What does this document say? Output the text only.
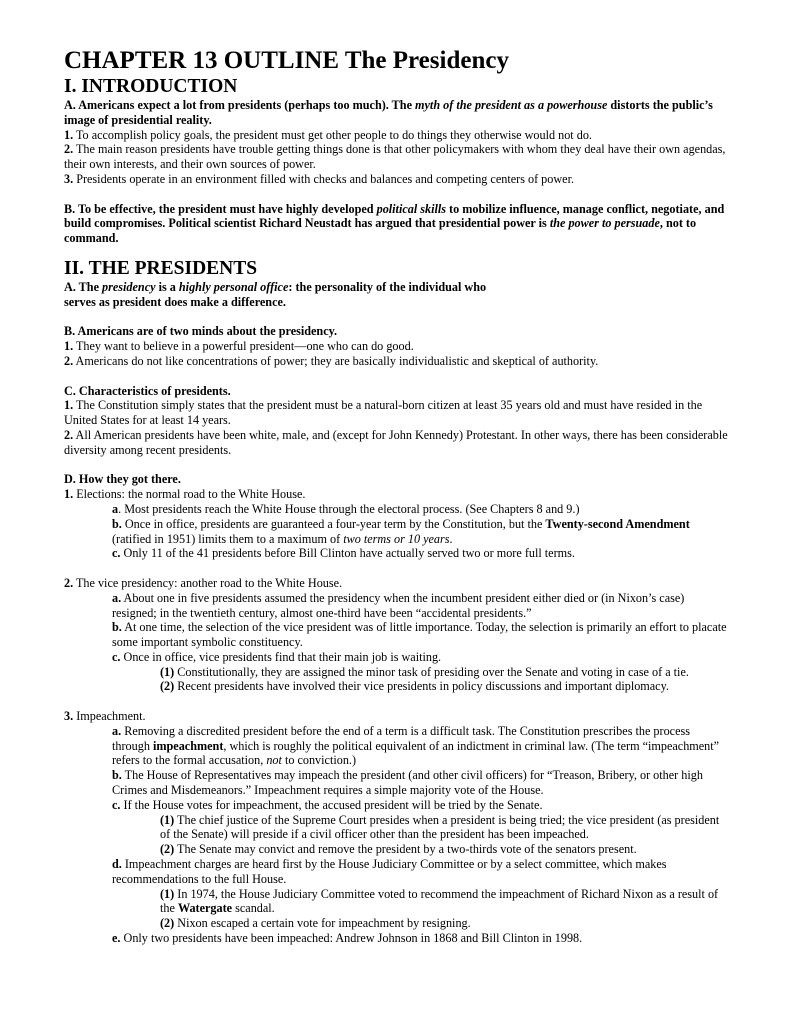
CHAPTER 13 OUTLINE The Presidency
I. INTRODUCTION

A. Americans expect a lot from presidents (perhaps too much). The myth of the president as a powerhouse distorts the public’s image of presidential reality.

1. To accomplish policy goals, the president must get other people to do things they otherwise would not do.

2. The main reason presidents have trouble getting things done is that other policymakers with whom they deal have their own agendas, their own interests, and their own sources of power.

3. Presidents operate in an environment filled with checks and balances and competing centers of power.

B. To be effective, the president must have highly developed political skills to mobilize influence, manage conflict, negotiate, and build compromises. Political scientist Richard Neustadt has argued that presidential power is the power to persuade, not to command.

II. THE PRESIDENTS

A. The presidency is a highly personal office: the personality of the individual who
serves as president does make a difference.

B. Americans are of two minds about the presidency.

1. They want to believe in a powerful president—one who can do good.

2. Americans do not like concentrations of power; they are basically individualistic and skeptical of authority.

C. Characteristics of presidents.

1. The Constitution simply states that the president must be a natural-born citizen at least 35 years old and must have resided in the United States for at least 14 years.

2. All American presidents have been white, male, and (except for John Kennedy) Protestant. In other ways, there has been considerable diversity among recent presidents.

D. How they got there.

1. Elections: the normal road to the White House.

a. Most presidents reach the White House through the electoral process. (See Chapters 8 and 9.)

b. Once in office, presidents are guaranteed a four-year term by the Constitution, but the Twenty-second Amendment (ratified in 1951) limits them to a maximum of two terms or 10 years.

c. Only 11 of the 41 presidents before Bill Clinton have actually served two or more full terms.

2. The vice presidency: another road to the White House.

a. About one in five presidents assumed the presidency when the incumbent president either died or (in Nixon’s case) resigned; in the twentieth century, almost one-third have been “accidental presidents.”

b. At one time, the selection of the vice president was of little importance. Today, the selection is primarily an effort to placate some important symbolic constituency.

c. Once in office, vice presidents find that their main job is waiting.

(1) Constitutionally, they are assigned the minor task of presiding over the Senate and voting in case of a tie.

(2) Recent presidents have involved their vice presidents in policy discussions and important diplomacy.

3. Impeachment.

a. Removing a discredited president before the end of a term is a difficult task. The Constitution prescribes the process through impeachment, which is roughly the political equivalent of an indictment in criminal law. (The term “impeachment” refers to the formal accusation, not to conviction.)

b. The House of Representatives may impeach the president (and other civil officers) for “Treason, Bribery, or other high Crimes and Misdemeanors.” Impeachment requires a simple majority vote of the House.

c. If the House votes for impeachment, the accused president will be tried by the Senate.

(1) The chief justice of the Supreme Court presides when a president is being tried; the vice president (as president of the Senate) will preside if a civil officer other than the president has been impeached.

(2) The Senate may convict and remove the president by a two-thirds vote of the senators present.

d. Impeachment charges are heard first by the House Judiciary Committee or by a select committee, which makes recommendations to the full House.

(1) In 1974, the House Judiciary Committee voted to recommend the impeachment of Richard Nixon as a result of the Watergate scandal.

(2) Nixon escaped a certain vote for impeachment by resigning.

e. Only two presidents have been impeached: Andrew Johnson in 1868 and Bill Clinton in 1998.
